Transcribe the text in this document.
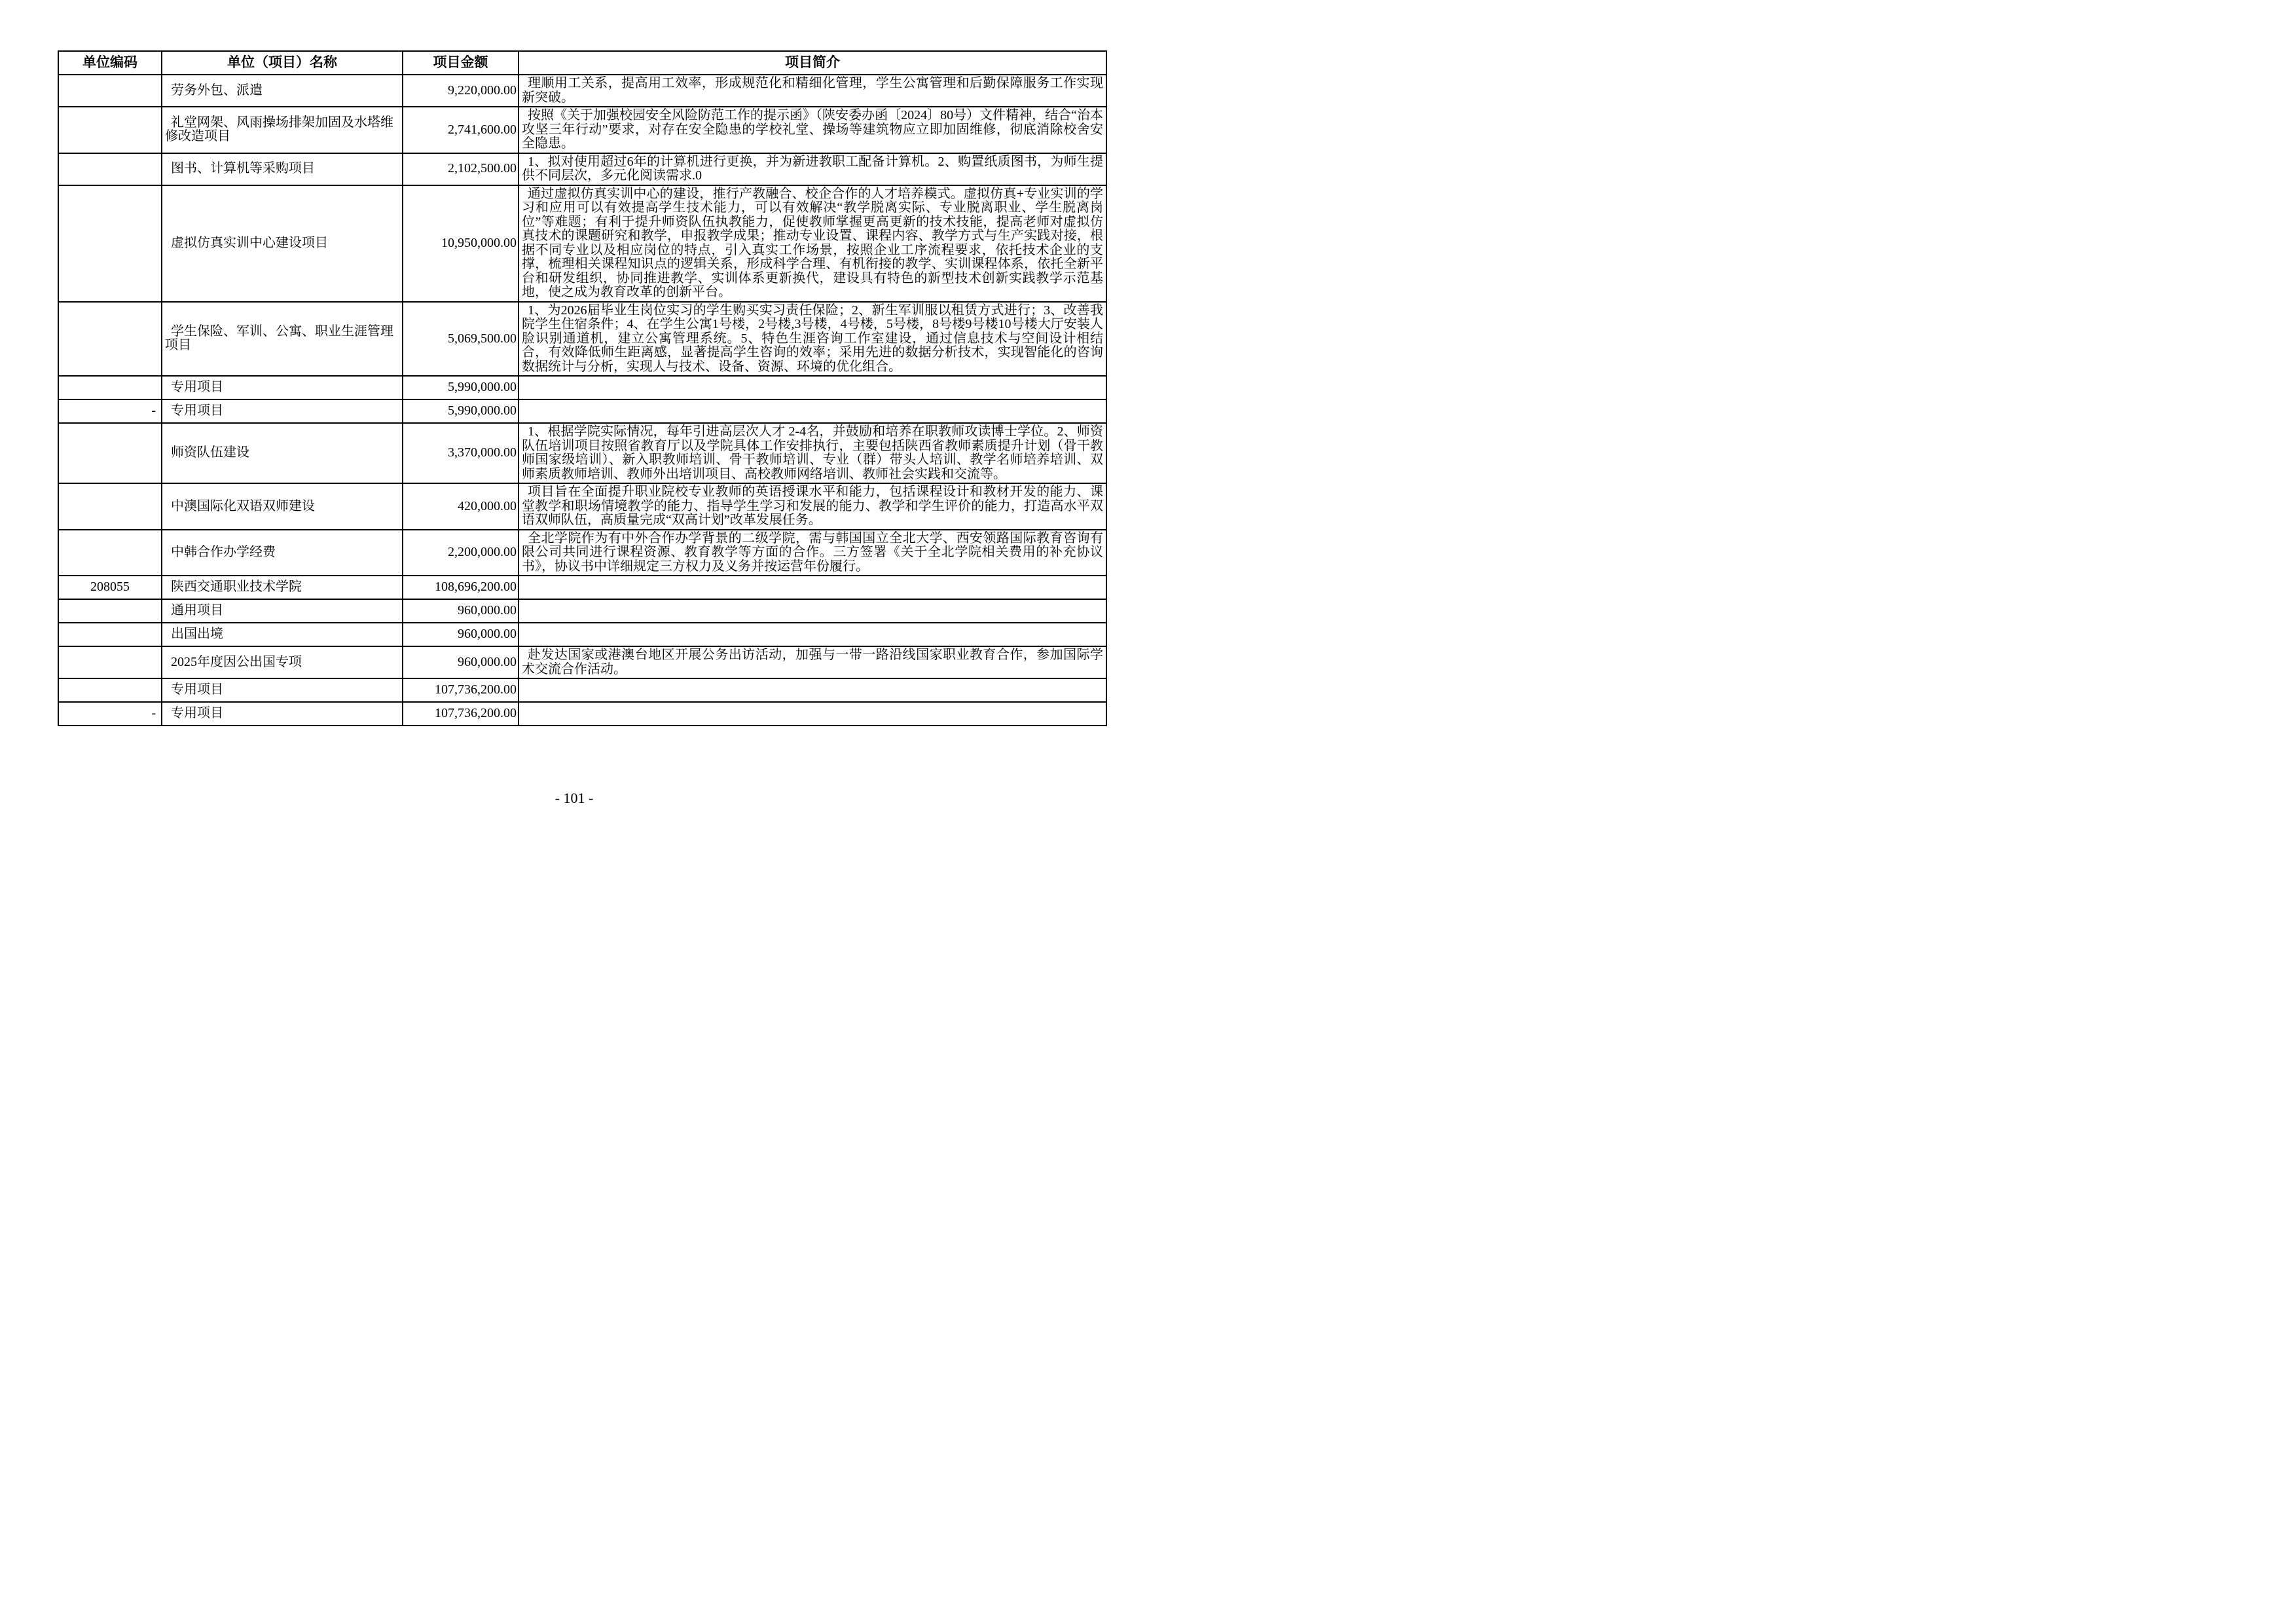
单位编码	单位（项目）名称	项目金额	项目简介
	劳务外包、派遣	9,220,000.00	理顺用工关系，提高用工效率，形成规范化和精细化管理，学生公寓管理和后勤保障服务工作实现新突破。
	礼堂网架、风雨操场排架加固及水塔维修改造项目	2,741,600.00	按照《关于加强校园安全风险防范工作的提示函》（陕安委办函〔2024〕80号）文件精神，结合“治本攻坚三年行动”要求，对存在安全隐患的学校礼堂、操场等建筑物应立即加固维修，彻底消除校舍安全隐患。
	图书、计算机等采购项目	2,102,500.00	1、拟对使用超过6年的计算机进行更换，并为新进教职工配备计算机。2、购置纸质图书，为师生提供不同层次，多元化阅读需求.0
	虚拟仿真实训中心建设项目	10,950,000.00	通过虚拟仿真实训中心的建设，推行产教融合、校企合作的人才培养模式。虚拟仿真+专业实训的学习和应用可以有效提高学生技术能力，可以有效解决“教学脱离实际、专业脱离职业、学生脱离岗位”等难题；有利于提升师资队伍执教能力，促使教师掌握更高更新的技术技能，提高老师对虚拟仿真技术的课题研究和教学，申报教学成果；推动专业设置、课程内容、教学方式与生产实践对接，根据不同专业以及相应岗位的特点，引入真实工作场景，按照企业工序流程要求，依托技术企业的支撑，梳理相关课程知识点的逻辑关系，形成科学合理、有机衔接的教学、实训课程体系，依托全新平台和研发组织，协同推进教学、实训体系更新换代，建设具有特色的新型技术创新实践教学示范基地，使之成为教育改革的创新平台。
	学生保险、军训、公寓、职业生涯管理项目	5,069,500.00	1、为2026届毕业生岗位实习的学生购买实习责任保险；2、新生军训服以租赁方式进行；3、改善我院学生住宿条件；4、在学生公寓1号楼，2号楼,3号楼，4号楼，5号楼，8号楼9号楼10号楼大厅安装人脸识别通道机，建立公寓管理系统。5、特色生涯咨询工作室建设，通过信息技术与空间设计相结合，有效降低师生距离感，显著提高学生咨询的效率；采用先进的数据分析技术，实现智能化的咨询数据统计与分析，实现人与技术、设备、资源、环境的优化组合。
	专用项目	5,990,000.00	
-	专用项目	5,990,000.00	
	师资队伍建设	3,370,000.00	1、根据学院实际情况，每年引进高层次人才 2-4名，并鼓励和培养在职教师攻读博士学位。2、师资队伍培训项目按照省教育厅以及学院具体工作安排执行，主要包括陕西省教师素质提升计划（骨干教师国家级培训）、新入职教师培训、骨干教师培训、专业（群）带头人培训、教学名师培养培训、双师素质教师培训、教师外出培训项目、高校教师网络培训、教师社会实践和交流等。
	中澳国际化双语双师建设	420,000.00	项目旨在全面提升职业院校专业教师的英语授课水平和能力，包括课程设计和教材开发的能力、课堂教学和职场情境教学的能力、指导学生学习和发展的能力、教学和学生评价的能力，打造高水平双语双师队伍，高质量完成“双高计划”改革发展任务。
	中韩合作办学经费	2,200,000.00	全北学院作为有中外合作办学背景的二级学院，需与韩国国立全北大学、西安领路国际教育咨询有限公司共同进行课程资源、教育教学等方面的合作。三方签署《关于全北学院相关费用的补充协议书》，协议书中详细规定三方权力及义务并按运营年份履行。
208055	陕西交通职业技术学院	108,696,200.00	
	通用项目	960,000.00	
	出国出境	960,000.00	
	2025年度因公出国专项	960,000.00	赴发达国家或港澳台地区开展公务出访活动，加强与一带一路沿线国家职业教育合作，参加国际学术交流合作活动。
	专用项目	107,736,200.00	
-	专用项目	107,736,200.00	
- 101 -
